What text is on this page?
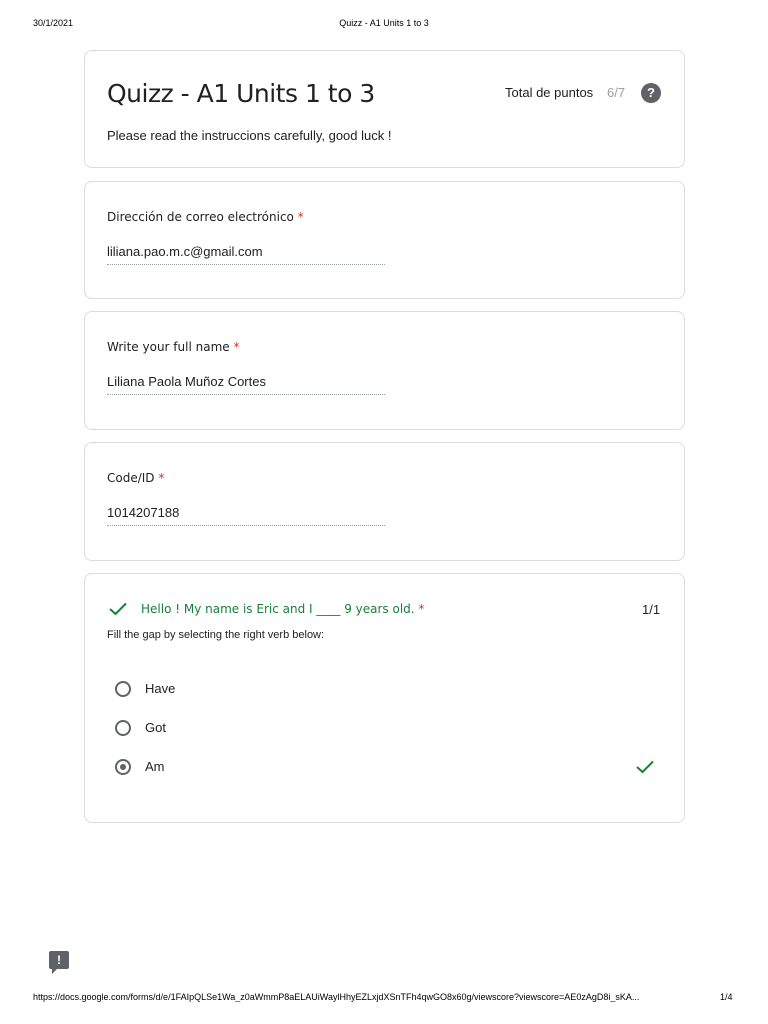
30/1/2021	Quizz - A1 Units 1 to 3
Quizz - A1 Units 1 to 3	Total de puntos 6/7	?
Please read the instruccions carefully, good luck !
Dirección de correo electrónico *
liliana.pao.m.c@gmail.com
Write your full name *
Liliana Paola Muñoz Cortes
Code/ID *
1014207188
Hello ! My name is Eric and I ____ 9 years old. *	1/1
Fill the gap by selecting the right verb below:
Have
Got
Am
!
https://docs.google.com/forms/d/e/1FAIpQLSe1Wa_z0aWmmP8aELAUiWaylHhyEZLxjdXSnTFh4qwGO8x60g/viewscore?viewscore=AE0zAgD8i_sKA...	1/4
